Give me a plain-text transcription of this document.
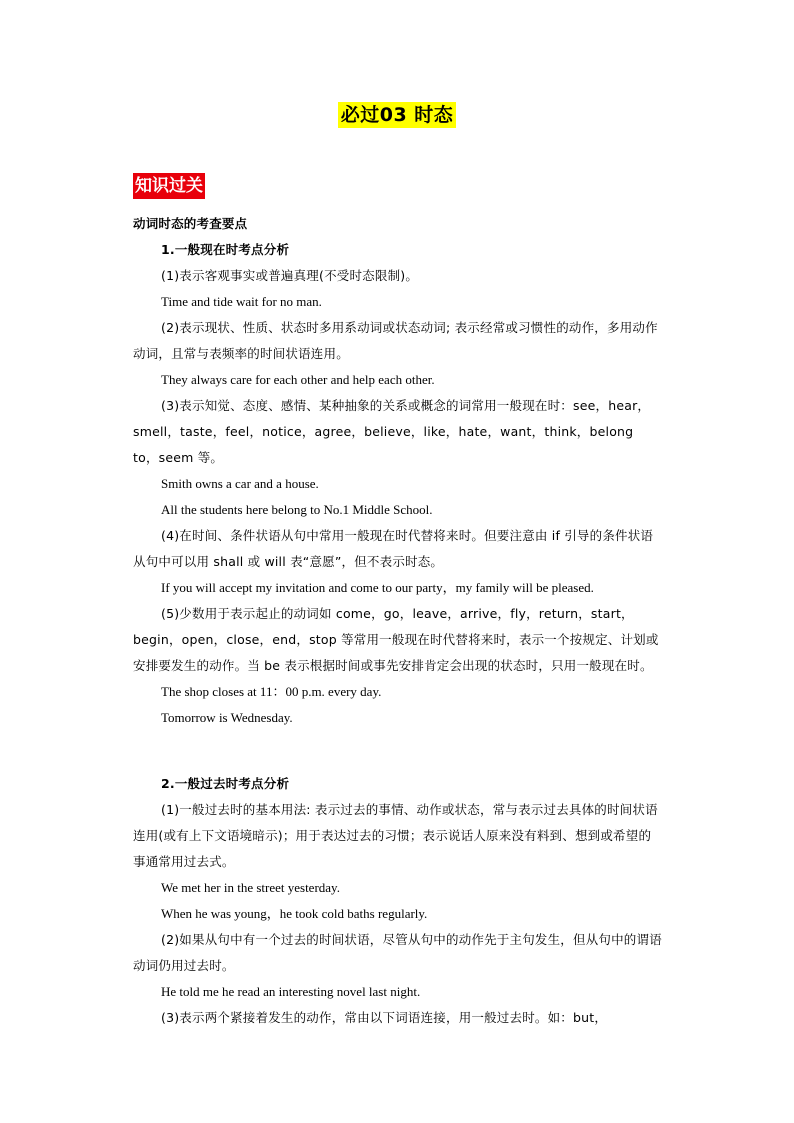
必过03 时态
知识过关

动词时态的考查要点

1.一般现在时考点分析

(1)表示客观事实或普遍真理(不受时态限制)。

Time and tide wait for no man.

(2)表示现状、性质、状态时多用系动词或状态动词; 表示经常或习惯性的动作，多用动作动词，且常与表频率的时间状语连用。

They always care for each other and help each other.

(3)表示知觉、态度、感情、某种抽象的关系或概念的词常用一般现在时：see，hear，smell，taste，feel，notice，agree，believe，like，hate，want，think，belong to，seem 等。

Smith owns a car and a house.

All the students here belong to No.1 Middle School.

(4)在时间、条件状语从句中常用一般现在时代替将来时。但要注意由 if 引导的条件状语从句中可以用 shall 或 will 表“意愿”，但不表示时态。

If you will accept my invitation and come to our party，my family will be pleased.

(5)少数用于表示起止的动词如 come，go，leave，arrive，fly，return，start，begin，open，close，end，stop 等常用一般现在时代替将来时，表示一个按规定、计划或安排要发生的动作。当 be 表示根据时间或事先安排肯定会出现的状态时，只用一般现在时。

The shop closes at 11：00 p.m. every day.

Tomorrow is Wednesday.

2.一般过去时考点分析

(1)一般过去时的基本用法: 表示过去的事情、动作或状态，常与表示过去具体的时间状语连用(或有上下文语境暗示)；用于表达过去的习惯；表示说话人原来没有料到、想到或希望的事通常用过去式。

We met her in the street yesterday.

When he was young，he took cold baths regularly.

(2)如果从句中有一个过去的时间状语，尽管从句中的动作先于主句发生，但从句中的谓语动词仍用过去时。

He told me he read an interesting novel last night.

(3)表示两个紧接着发生的动作，常由以下词语连接，用一般过去时。如：but，
